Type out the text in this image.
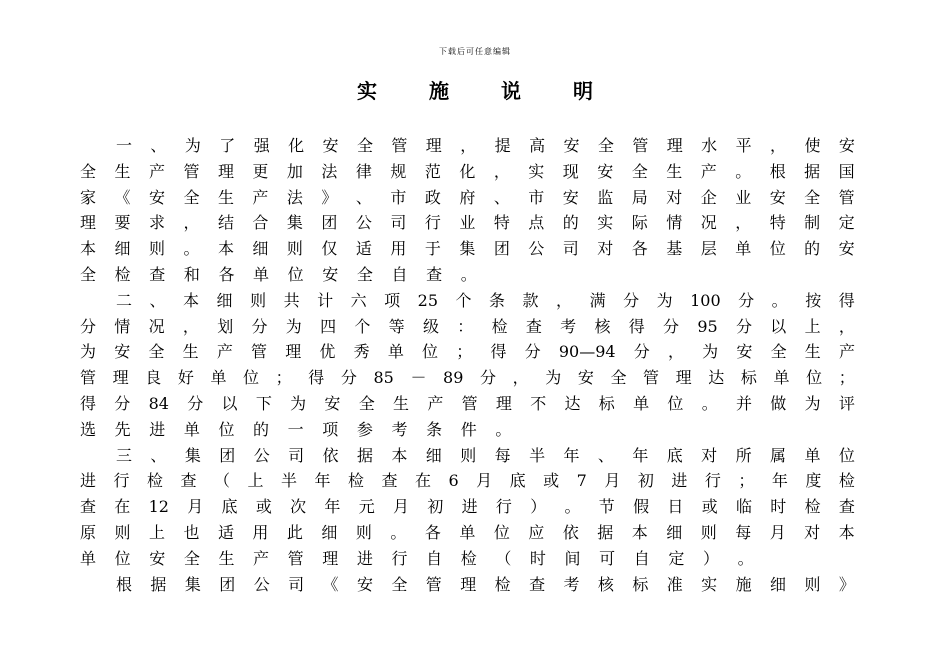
下载后可任意编辑
实施说明
一 、 为 了 强 化 安 全 管 理 ， 提 高 安 全 管 理 水 平 ， 使 安
全 生 产 管 理 更 加 法 律 规 范 化 ， 实 现 安 全 生 产 。 根 据 国
家 《 安 全 生 产 法 》 、 市 政 府 、 市 安 监 局 对 企 业 安 全 管
理 要 求 ， 结 合 集 团 公 司 行 业 特 点 的 实 际 情 况 ， 特 制 定
本 细 则 。 本 细 则 仅 适 用 于 集 团 公 司 对 各 基 层 单 位 的 安
全 检 查 和 各 单 位 安 全 自 查 。
二 、 本 细 则 共 计 六 项 25 个 条 款 ， 满 分 为 100 分 。 按 得
分 情 况 ， 划 分 为 四 个 等 级 ： 检 查 考 核 得 分 95 分 以 上 ，
为 安 全 生 产 管 理 优 秀 单 位 ； 得 分 90—94 分 ， 为 安 全 生 产
管 理 良 好 单 位 ； 得 分 85 － 89 分 ， 为 安 全 管 理 达 标 单 位 ；
得 分 84 分 以 下 为 安 全 生 产 管 理 不 达 标 单 位 。 并 做 为 评
选 先 进 单 位 的 一 项 参 考 条 件 。
三 、 集 团 公 司 依 据 本 细 则 每 半 年 、 年 底 对 所 属 单 位
进 行 检 查 （ 上 半 年 检 查 在 6 月 底 或 7 月 初 进 行 ； 年 度 检
查 在 12 月 底 或 次 年 元 月 初 进 行 ） 。 节 假 日 或 临 时 检 查
原 则 上 也 适 用 此 细 则 。 各 单 位 应 依 据 本 细 则 每 月 对 本
单 位 安 全 生 产 管 理 进 行 自 检 （ 时 间 可 自 定 ） 。
根 据 集 团 公 司 《 安 全 管 理 检 查 考 核 标 准 实 施 细 则 》
